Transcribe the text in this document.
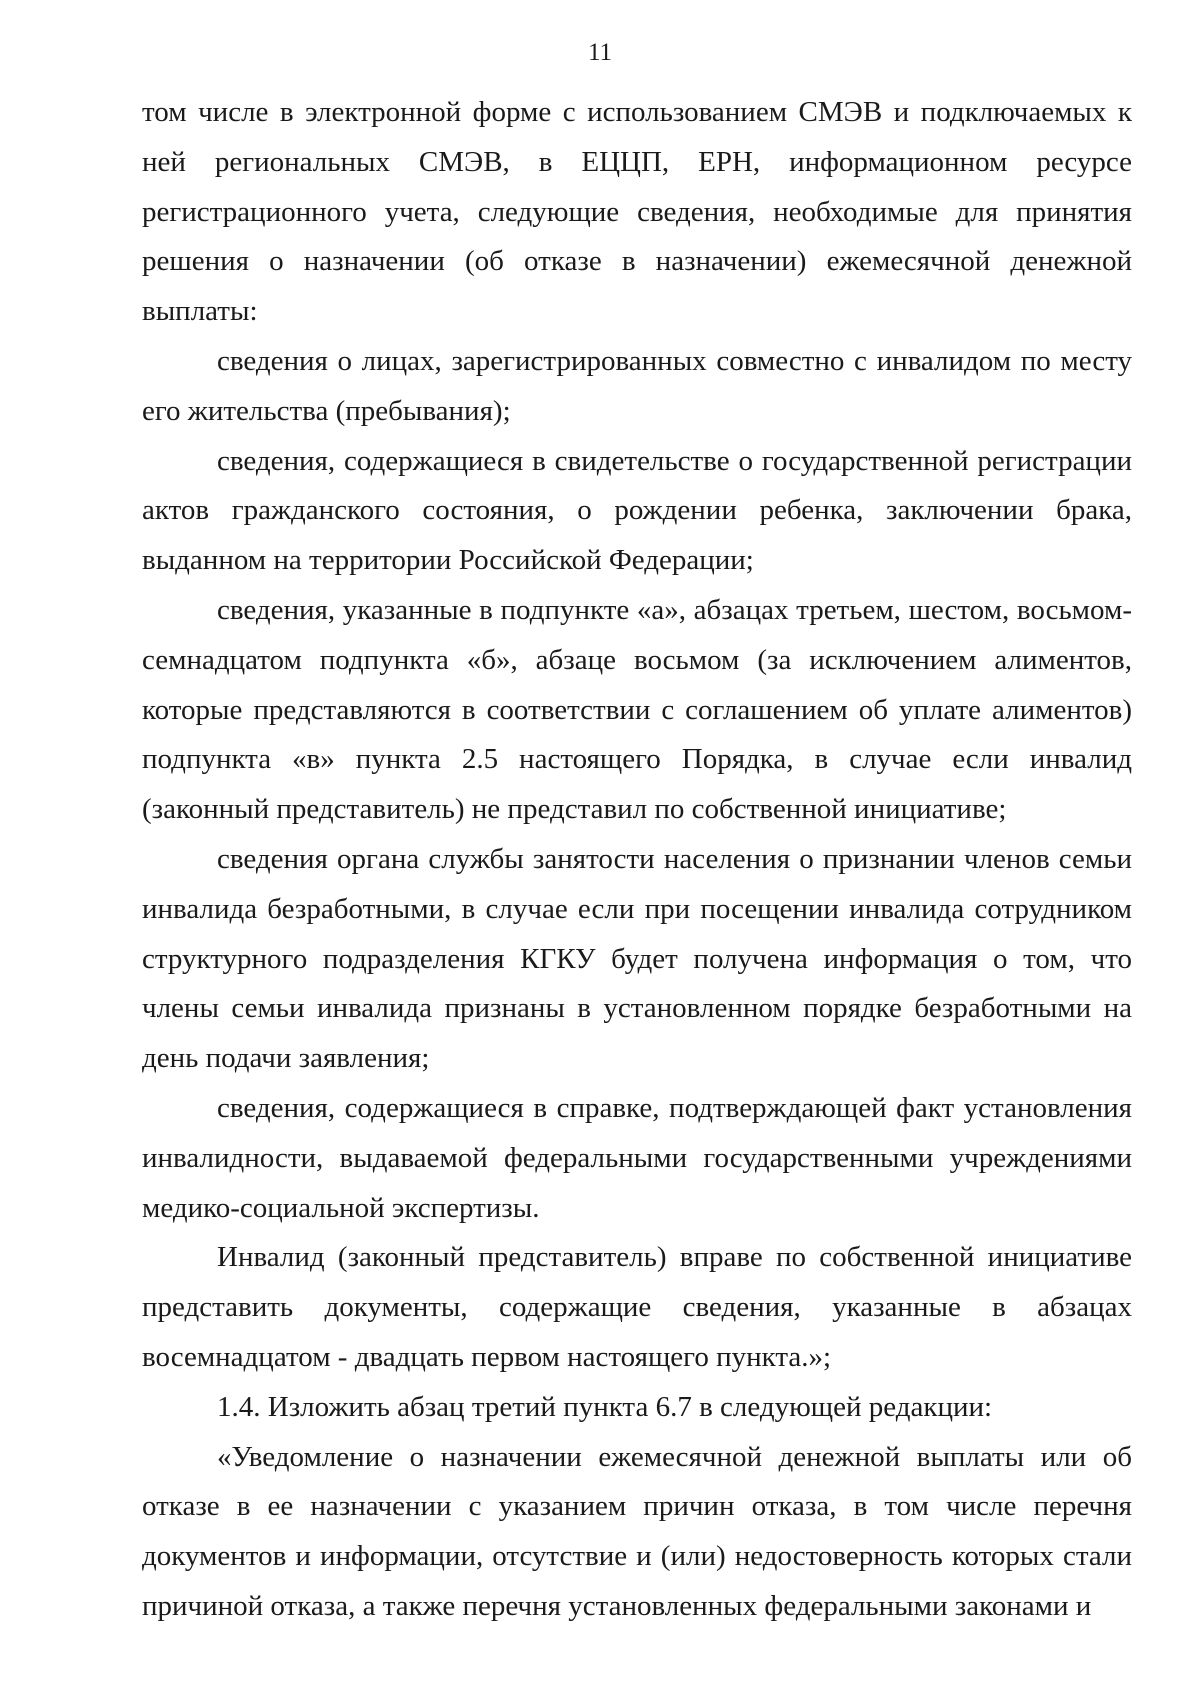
11

том числе в электронной форме с использованием СМЭВ и подключаемых к ней региональных СМЭВ, в ЕЦЦП, ЕРН, информационном ресурсе регистрационного учета, следующие сведения, необходимые для принятия решения о назначении (об отказе в назначении) ежемесячной денежной выплаты:

сведения о лицах, зарегистрированных совместно с инвалидом по месту его жительства (пребывания);

сведения, содержащиеся в свидетельстве о государственной регистрации актов гражданского состояния, о рождении ребенка, заключении брака, выданном на территории Российской Федерации;

сведения, указанные в подпункте «а», абзацах третьем, шестом, восьмом-семнадцатом подпункта «б», абзаце восьмом (за исключением алиментов, которые представляются в соответствии с соглашением об уплате алиментов) подпункта «в» пункта 2.5 настоящего Порядка, в случае если инвалид (законный представитель) не представил по собственной инициативе;

сведения органа службы занятости населения о признании членов семьи инвалида безработными, в случае если при посещении инвалида сотрудником структурного подразделения КГКУ будет получена информация о том, что члены семьи инвалида признаны в установленном порядке безработными на день подачи заявления;

сведения, содержащиеся в справке, подтверждающей факт установления инвалидности, выдаваемой федеральными государственными учреждениями медико-социальной экспертизы.

Инвалид (законный представитель) вправе по собственной инициативе представить документы, содержащие сведения, указанные в абзацах восемнадцатом - двадцать первом настоящего пункта.»;

1.4. Изложить абзац третий пункта 6.7 в следующей редакции:

«Уведомление о назначении ежемесячной денежной выплаты или об отказе в ее назначении с указанием причин отказа, в том числе перечня документов и информации, отсутствие и (или) недостоверность которых стали причиной отказа, а также перечня установленных федеральными законами и
